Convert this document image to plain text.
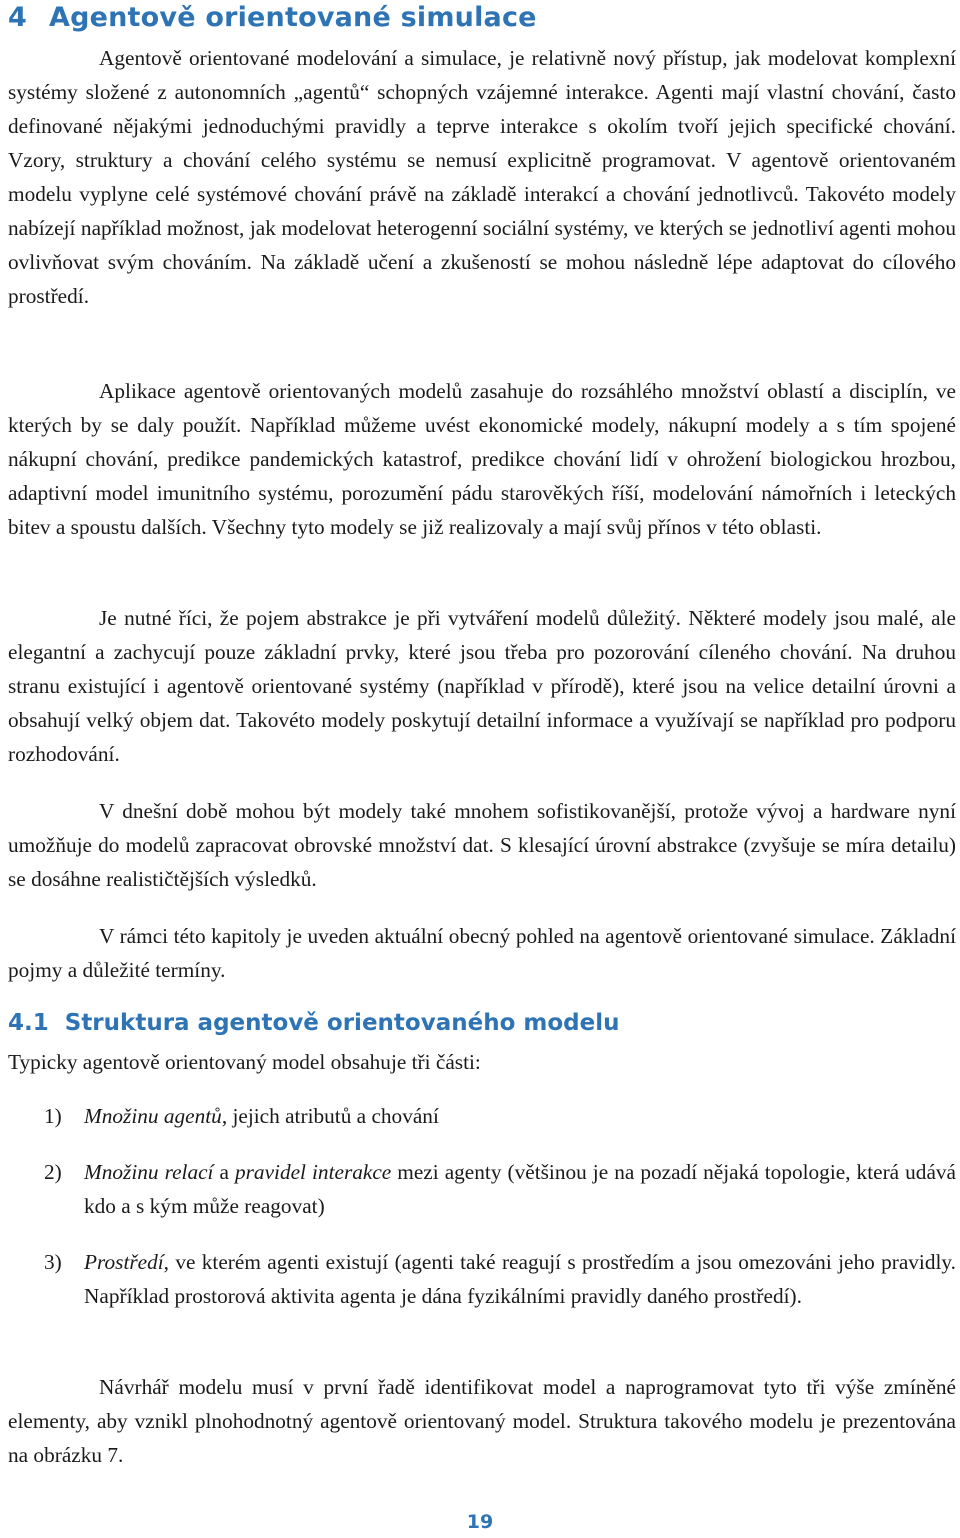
4 Agentově orientované simulace

Agentově orientované modelování a simulace, je relativně nový přístup, jak modelovat komplexní systémy složené z autonomních „agentů“ schopných vzájemné interakce. Agenti mají vlastní chování, často definované nějakými jednoduchými pravidly a teprve interakce s okolím tvoří jejich specifické chování. Vzory, struktury a chování celého systému se nemusí explicitně programovat. V agentově orientovaném modelu vyplyne celé systémové chování právě na základě interakcí a chování jednotlivců. Takovéto modely nabízejí například možnost, jak modelovat heterogenní sociální systémy, ve kterých se jednotliví agenti mohou ovlivňovat svým chováním. Na základě učení a zkušeností se mohou následně lépe adaptovat do cílového prostředí.

Aplikace agentově orientovaných modelů zasahuje do rozsáhlého množství oblastí a disciplín, ve kterých by se daly použít. Například můžeme uvést ekonomické modely, nákupní modely a s tím spojené nákupní chování, predikce pandemických katastrof, predikce chování lidí v ohrožení biologickou hrozbou, adaptivní model imunitního systému, porozumění pádu starověkých říší, modelování námořních i leteckých bitev a spoustu dalších. Všechny tyto modely se již realizovaly a mají svůj přínos v této oblasti.

Je nutné říci, že pojem abstrakce je při vytváření modelů důležitý. Některé modely jsou malé, ale elegantní a zachycují pouze základní prvky, které jsou třeba pro pozorování cíleného chování. Na druhou stranu existující i agentově orientované systémy (například v přírodě), které jsou na velice detailní úrovni a obsahují velký objem dat. Takovéto modely poskytují detailní informace a využívají se například pro podporu rozhodování.

V dnešní době mohou být modely také mnohem sofistikovanější, protože vývoj a hardware nyní umožňuje do modelů zapracovat obrovské množství dat. S klesající úrovní abstrakce (zvyšuje se míra detailu) se dosáhne realističtějších výsledků.

V rámci této kapitoly je uveden aktuální obecný pohled na agentově orientované simulace. Základní pojmy a důležité termíny.

4.1 Struktura agentově orientovaného modelu

Typicky agentově orientovaný model obsahuje tři části:

1) Množinu agentů, jejich atributů a chování
2) Množinu relací a pravidel interakce mezi agenty (většinou je na pozadí nějaká topologie, která udává kdo a s kým může reagovat)
3) Prostředí, ve kterém agenti existují (agenti také reagují s prostředím a jsou omezováni jeho pravidly. Například prostorová aktivita agenta je dána fyzikálními pravidly daného prostředí).

Návrhář modelu musí v první řadě identifikovat model a naprogramovat tyto tři výše zmíněné elementy, aby vznikl plnohodnotný agentově orientovaný model. Struktura takového modelu je prezentována na obrázku 7.

19
